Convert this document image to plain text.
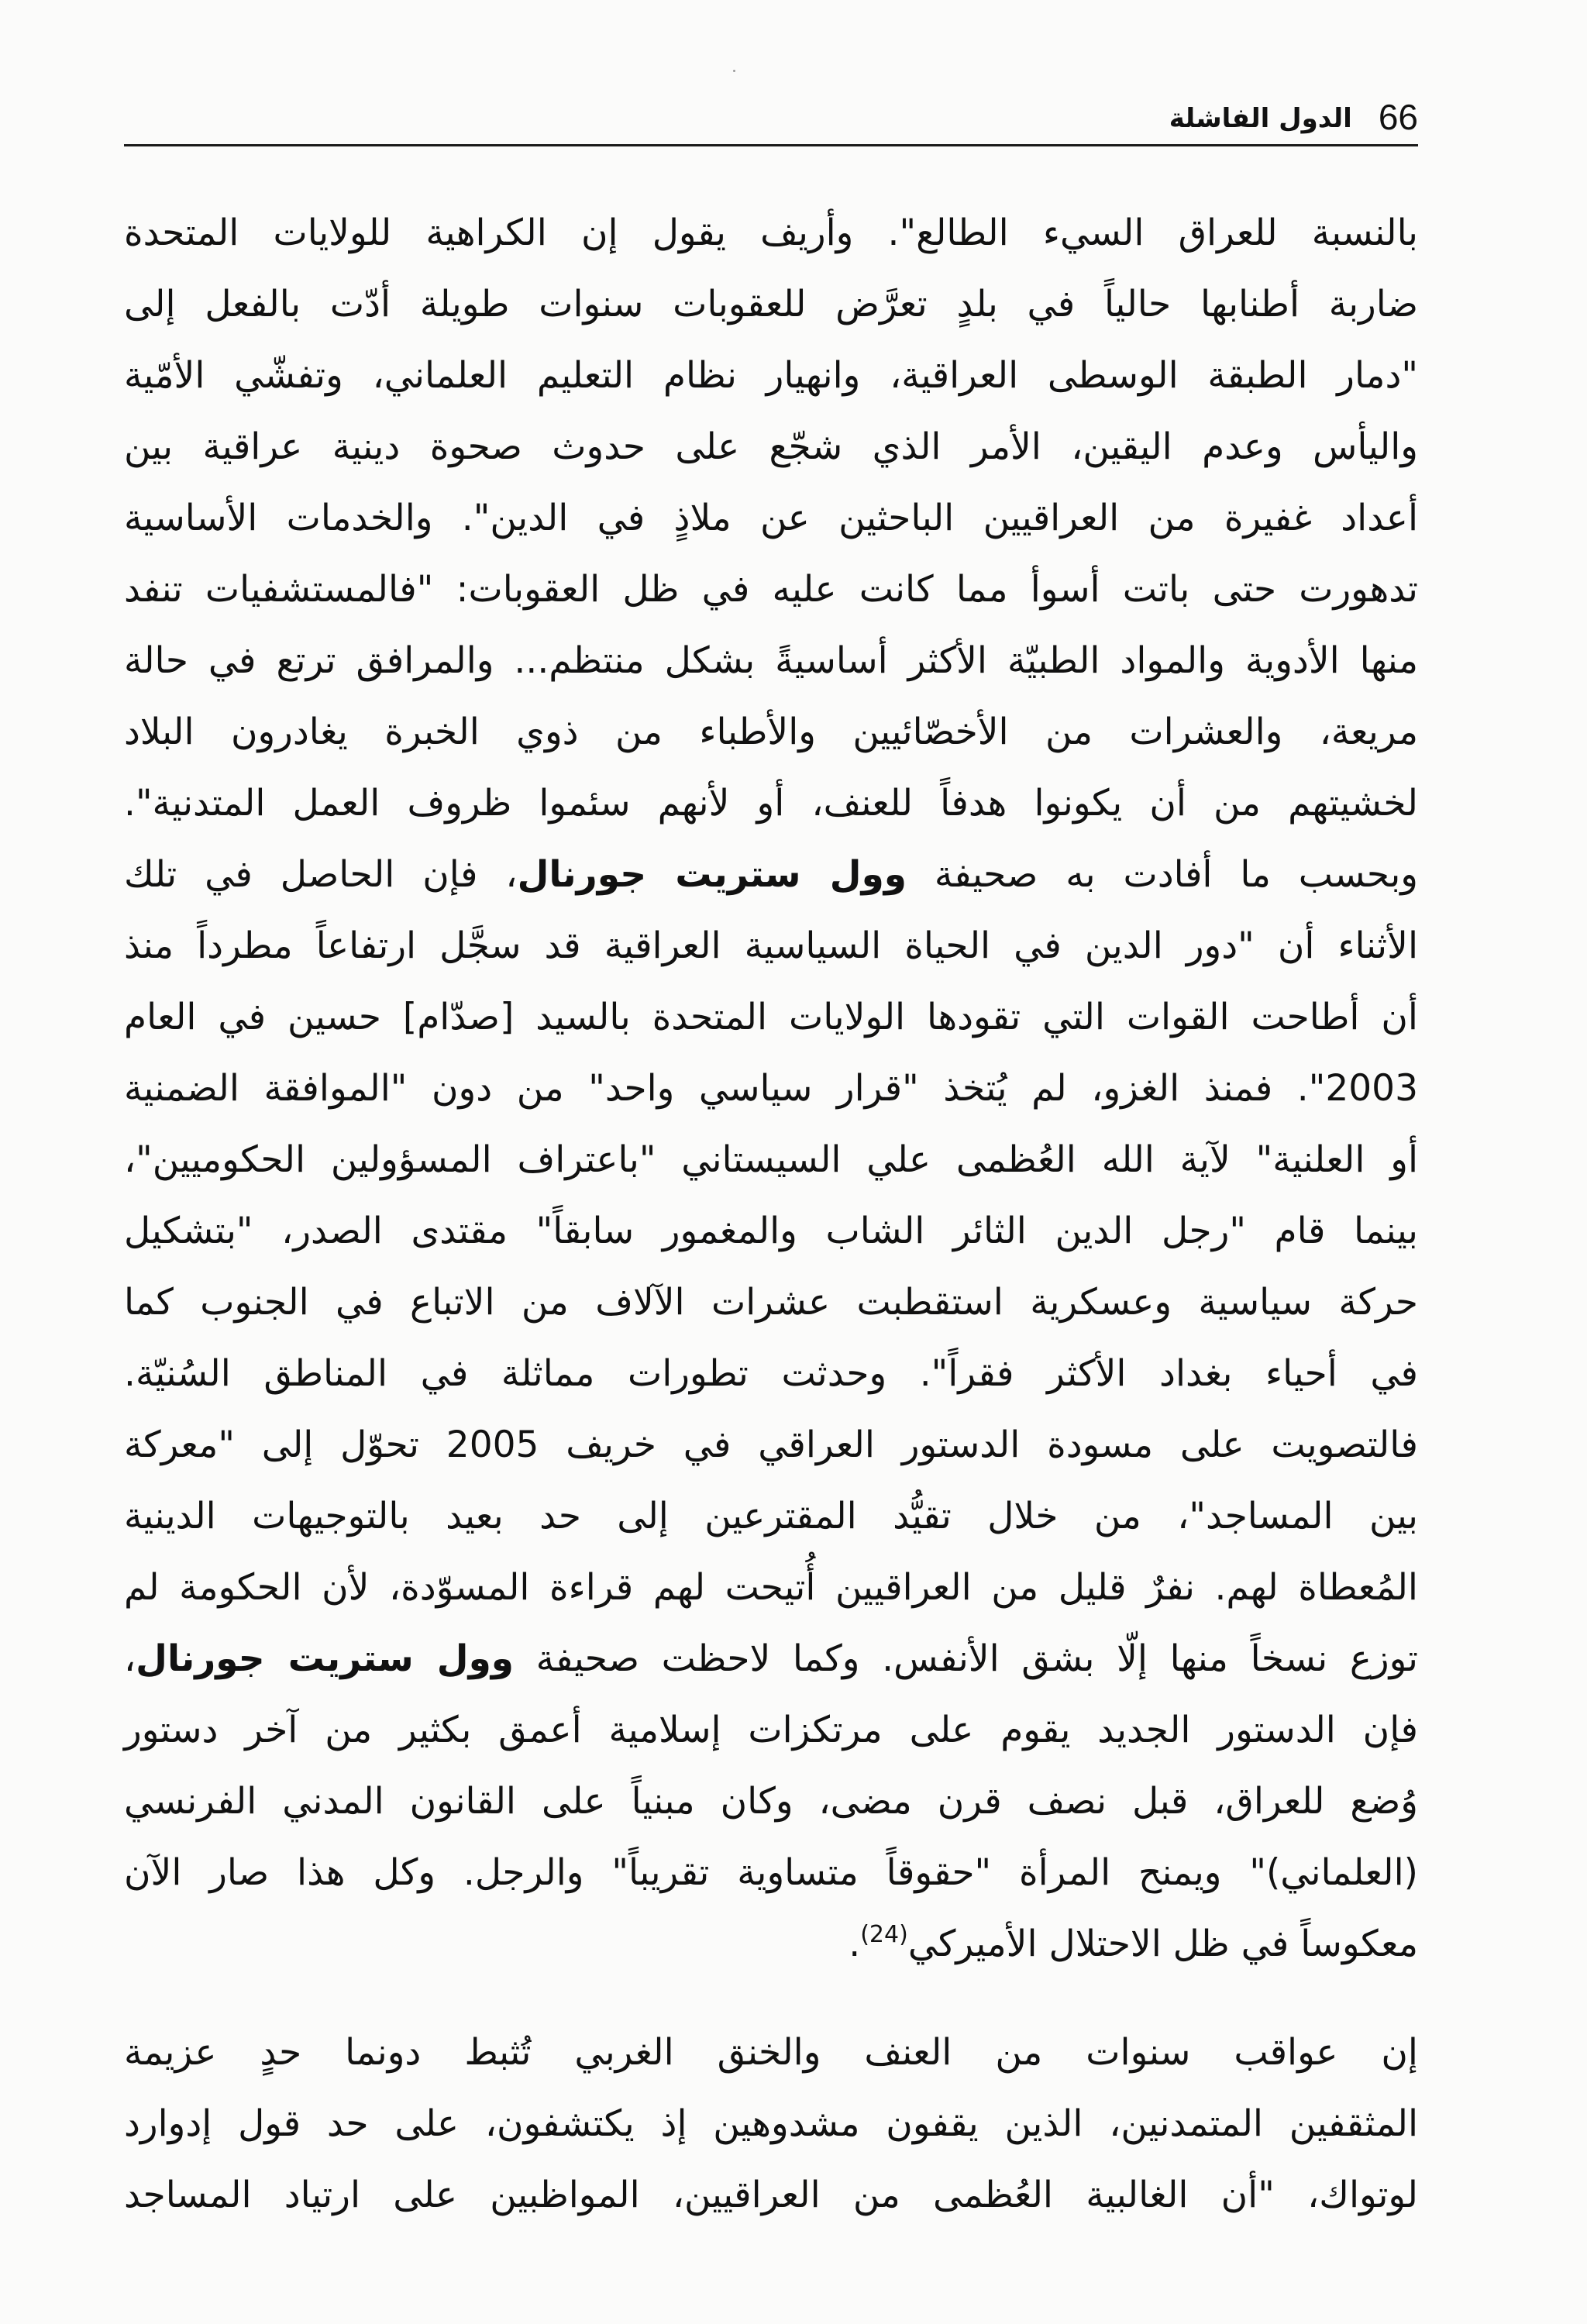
66
الدول الفاشلة
بالنسبة للعراق السيء الطالع". وأريف يقول إن الكراهية للولايات المتحدة
ضاربة أطنابها حالياً في بلدٍ تعرَّض للعقوبات سنوات طويلة أدّت بالفعل إلى
"دمار الطبقة الوسطى العراقية، وانهيار نظام التعليم العلماني، وتفشّي الأمّية
واليأس وعدم اليقين، الأمر الذي شجّع على حدوث صحوة دينية عراقية بين
أعداد غفيرة من العراقيين الباحثين عن ملاذٍ في الدين". والخدمات الأساسية
تدهورت حتى باتت أسوأ مما كانت عليه في ظل العقوبات: "فالمستشفيات تنفد
منها الأدوية والمواد الطبيّة الأكثر أساسيةً بشكل منتظم... والمرافق ترتع في حالة
مريعة، والعشرات من الأخصّائيين والأطباء من ذوي الخبرة يغادرون البلاد
لخشيتهم من أن يكونوا هدفاً للعنف، أو لأنهم سئموا ظروف العمل المتدنية".
وبحسب ما أفادت به صحيفة وول ستريت جورنال، فإن الحاصل في تلك
الأثناء أن "دور الدين في الحياة السياسية العراقية قد سجَّل ارتفاعاً مطرداً منذ
أن أطاحت القوات التي تقودها الولايات المتحدة بالسيد [صدّام] حسين في العام
2003". فمنذ الغزو، لم يُتخذ "قرار سياسي واحد" من دون "الموافقة الضمنية
أو العلنية" لآية الله العُظمى علي السيستاني "باعتراف المسؤولين الحكوميين"،
بينما قام "رجل الدين الثائر الشاب والمغمور سابقاً" مقتدى الصدر، "بتشكيل
حركة سياسية وعسكرية استقطبت عشرات الآلاف من الاتباع في الجنوب كما
في أحياء بغداد الأكثر فقراً". وحدثت تطورات مماثلة في المناطق السُنيّة.
فالتصويت على مسودة الدستور العراقي في خريف 2005 تحوّل إلى "معركة
بين المساجد"، من خلال تقيُّد المقترعين إلى حد بعيد بالتوجيهات الدينية
المُعطاة لهم. نفرٌ قليل من العراقيين أُتيحت لهم قراءة المسوّدة، لأن الحكومة لم
توزع نسخاً منها إلّا بشق الأنفس. وكما لاحظت صحيفة وول ستريت جورنال،
فإن الدستور الجديد يقوم على مرتكزات إسلامية أعمق بكثير من آخر دستور
وُضع للعراق، قبل نصف قرن مضى، وكان مبنياً على القانون المدني الفرنسي
(العلماني)" ويمنح المرأة "حقوقاً متساوية تقريباً" والرجل. وكل هذا صار الآن
معكوساً في ظل الاحتلال الأميركي$^{(24)}$.
إن عواقب سنوات من العنف والخنق الغربي تُثبط دونما حدٍ عزيمة
المثقفين المتمدنين، الذين يقفون مشدوهين إذ يكتشفون، على حد قول إدوارد
لوتواك، "أن الغالبية العُظمى من العراقيين، المواظبين على ارتياد المساجد
